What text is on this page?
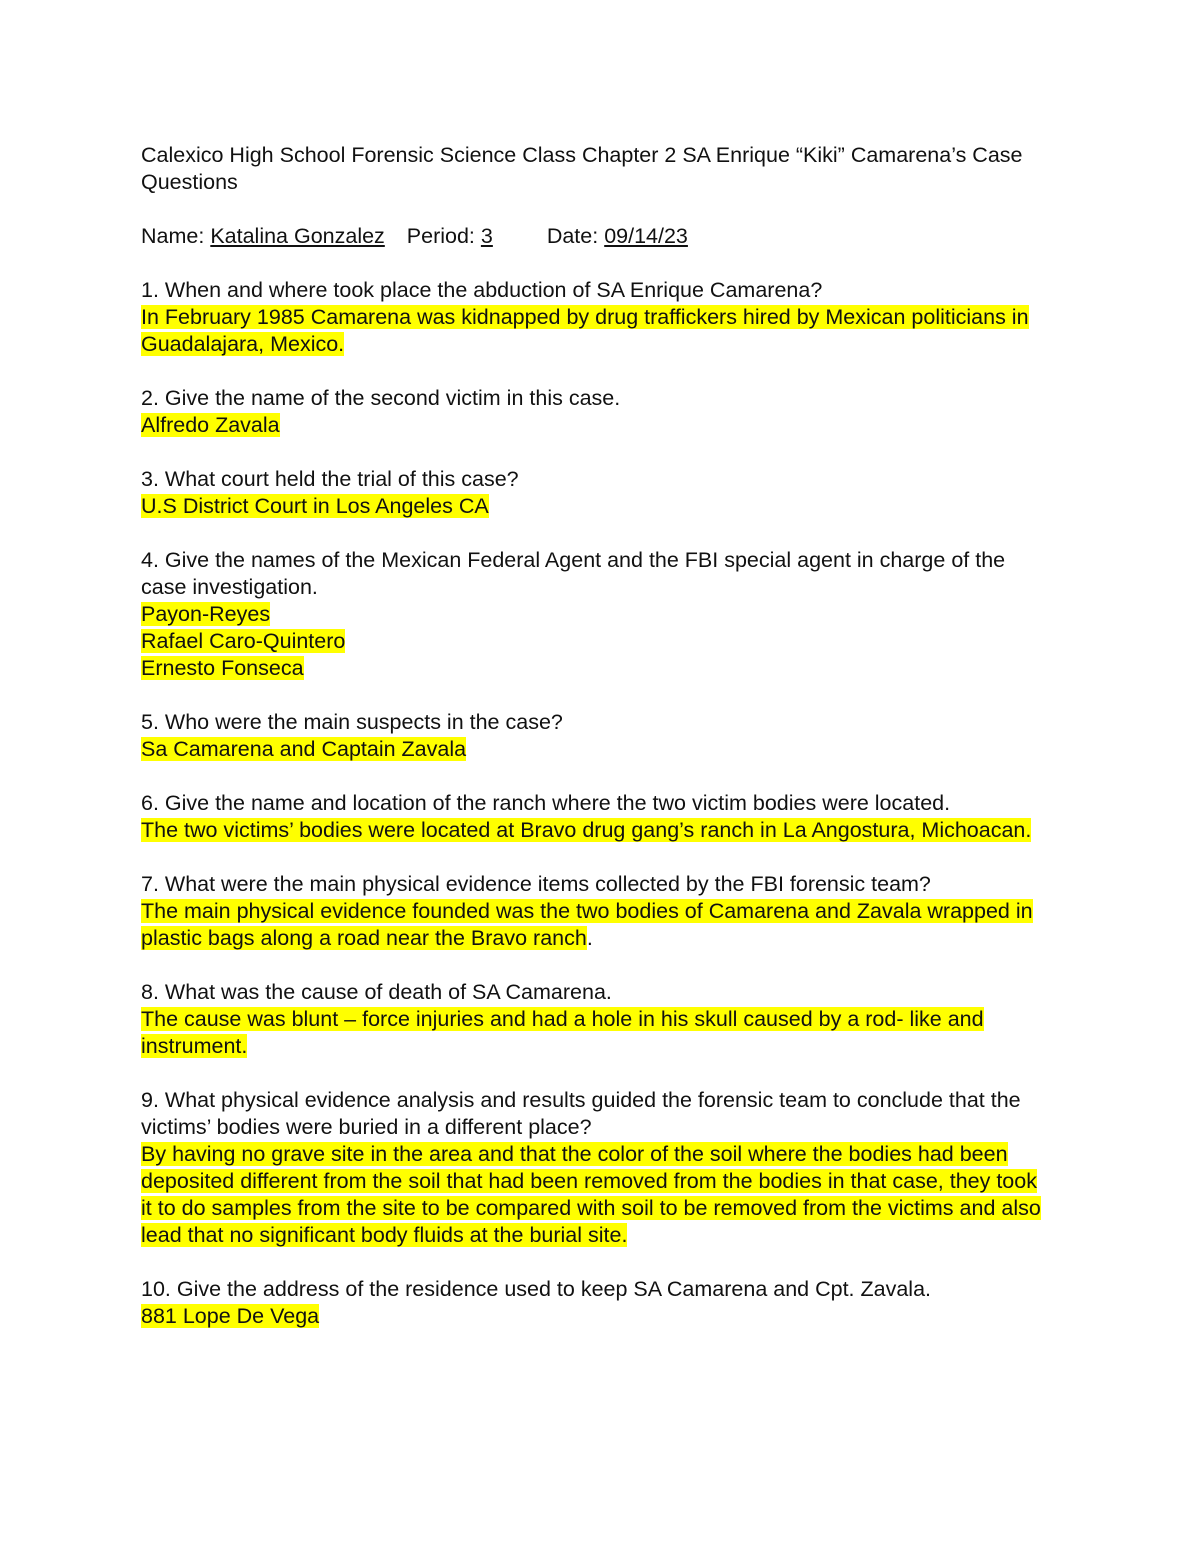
Calexico High School Forensic Science Class Chapter 2 SA Enrique “Kiki” Camarena’s Case Questions

Name: Katalina Gonzalez Period: 3	Date: 09/14/23

1. When and where took place the abduction of SA Enrique Camarena?

In February 1985 Camarena was kidnapped by drug traffickers hired by Mexican politicians in Guadalajara, Mexico.

2. Give the name of the second victim in this case.

Alfredo Zavala

3. What court held the trial of this case?

U.S District Court in Los Angeles CA

4. Give the names of the Mexican Federal Agent and the FBI special agent in charge of the case investigation.

Payon-Reyes

Rafael Caro-Quintero

Ernesto Fonseca

5. Who were the main suspects in the case?

Sa Camarena and Captain Zavala

6. Give the name and location of the ranch where the two victim bodies were located.

The two victims’ bodies were located at Bravo drug gang’s ranch in La Angostura, Michoacan.

7. What were the main physical evidence items collected by the FBI forensic team?

The main physical evidence founded was the two bodies of Camarena and Zavala wrapped in plastic bags along a road near the Bravo ranch.

8. What was the cause of death of SA Camarena.

The cause was blunt – force injuries and had a hole in his skull caused by a rod- like and instrument.

9. What physical evidence analysis and results guided the forensic team to conclude that the victims’ bodies were buried in a different place?

By having no grave site in the area and that the color of the soil where the bodies had been deposited different from the soil that had been removed from the bodies in that case, they took it to do samples from the site to be compared with soil to be removed from the victims and also lead that no significant body fluids at the burial site.

10. Give the address of the residence used to keep SA Camarena and Cpt. Zavala.

881 Lope De Vega
